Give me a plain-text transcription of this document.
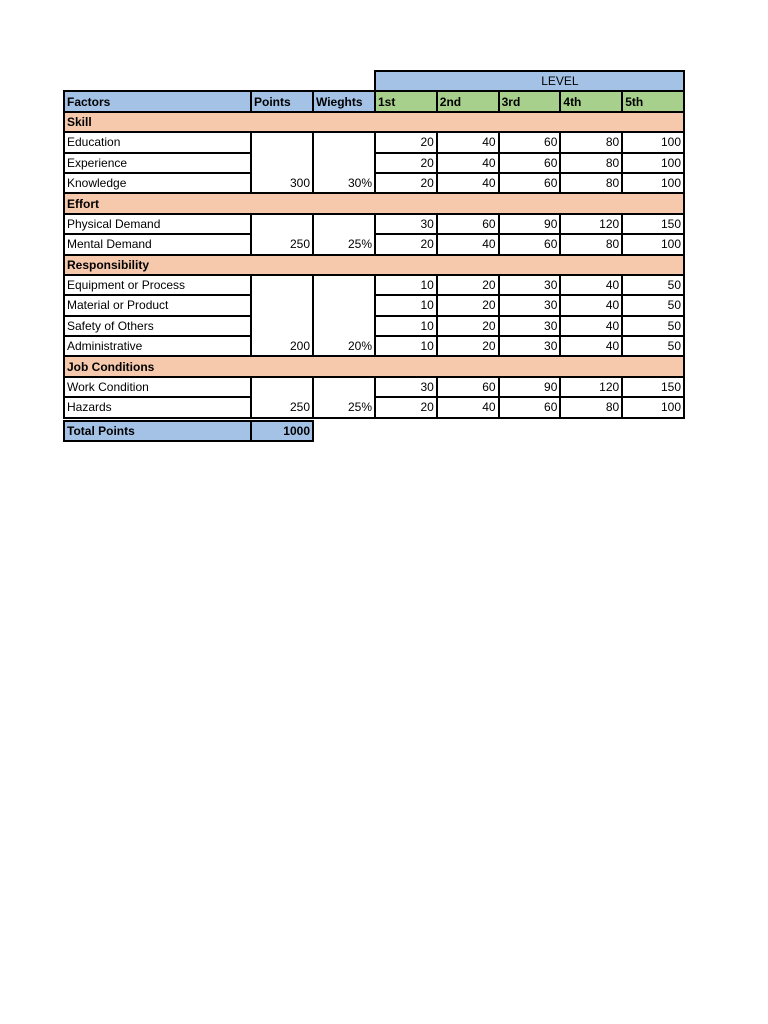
				LEVEL			
Factors	Points	Wieghts	1st	2nd	3rd	4th	5th
Skill							
Education			20	40	60	80	100
Experience			20	40	60	80	100
Knowledge	300	30%	20	40	60	80	100
Effort							
Physical Demand			30	60	90	120	150
Mental Demand	250	25%	20	40	60	80	100
Responsibility							
Equipment or Process			10	20	30	40	50
Material or Product			10	20	30	40	50
Safety of Others			10	20	30	40	50
Administrative	200	20%	10	20	30	40	50
Job Conditions							
Work Condition			30	60	90	120	150
Hazards	250	25%	20	40	60	80	100
Total Points	1000
